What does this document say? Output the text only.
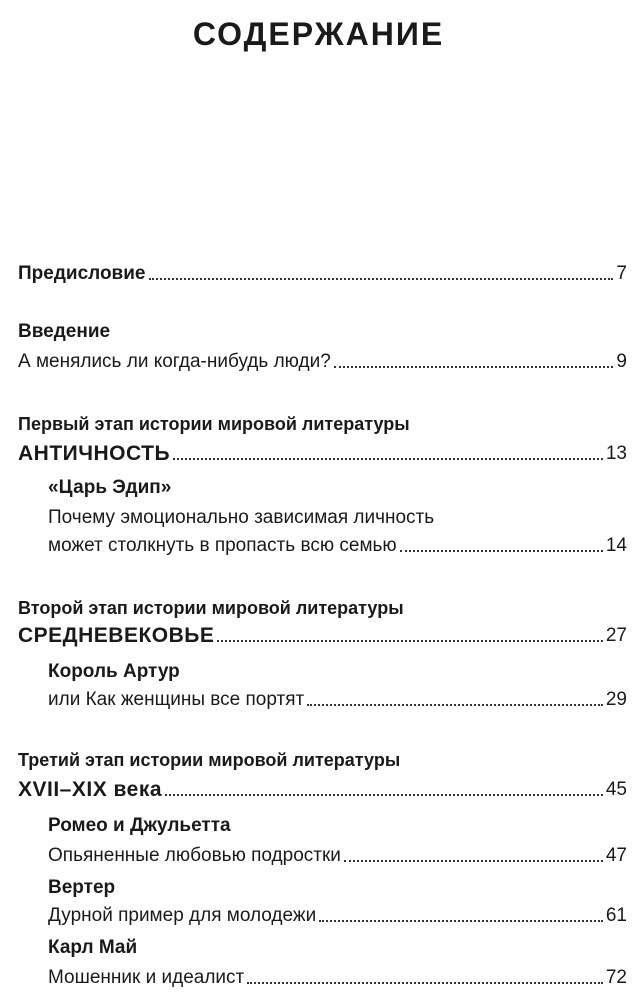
СОДЕРЖАНИЕ
Предисловие	7
Введение
А менялись ли когда-нибудь люди?	9
Первый этап истории мировой литературы
АНТИЧНОСТЬ	13
«Царь Эдип»
Почему эмоционально зависимая личность
может столкнуть в пропасть всю семью	14
Второй этап истории мировой литературы
СРЕДНЕВЕКОВЬЕ	27
Король Артур
или Как женщины все портят	29
Третий этап истории мировой литературы
XVII–XIX века	45
Ромео и Джульетта
Опьяненные любовью подростки	47
Вертер
Дурной пример для молодежи	61
Карл Май
Мошенник и идеалист	72
